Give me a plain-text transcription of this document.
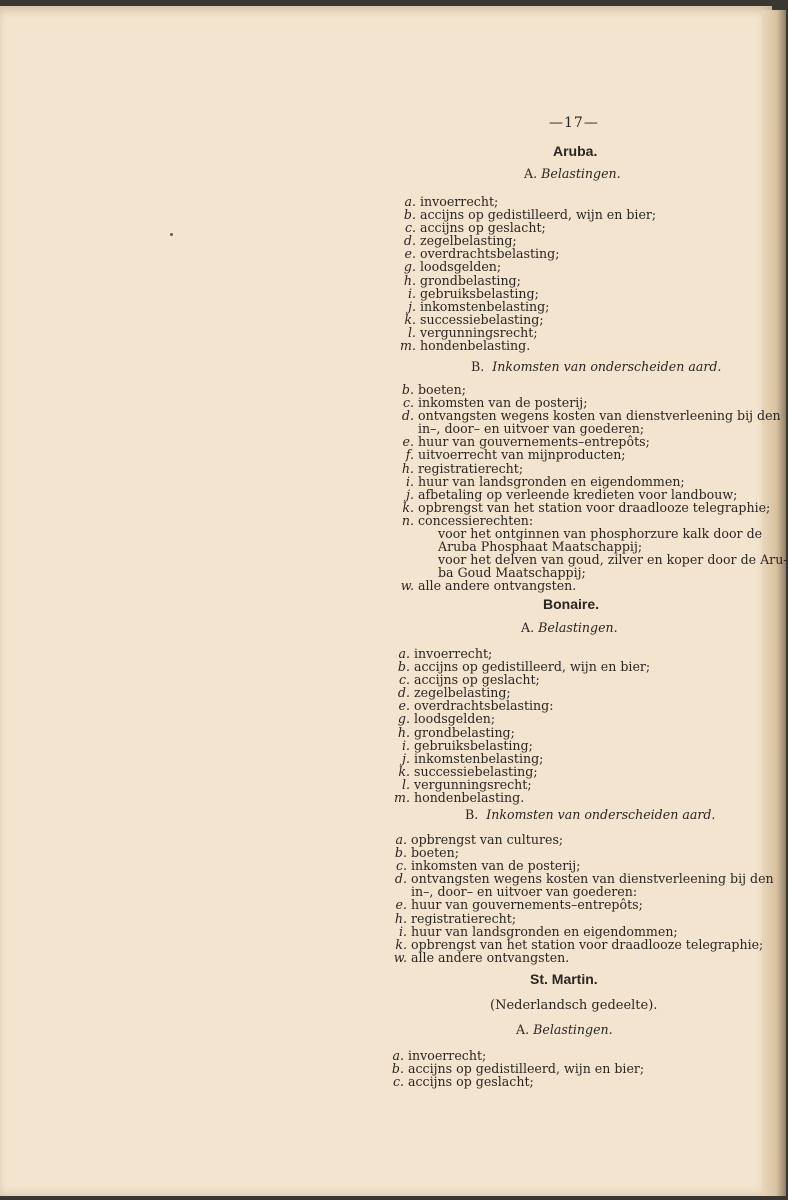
—17—
Aruba.
A. Belastingen.
a. invoerrecht;
b. accijns op gedistilleerd, wijn en bier;
c. accijns op geslacht;
d. zegelbelasting;
e. overdrachtsbelasting;
g. loodsgelden;
h. grondbelasting;
i. gebruiksbelasting;
j. inkomstenbelasting;
k. successiebelasting;
l. vergunningsrecht;
m. hondenbelasting.
B. Inkomsten van onderscheiden aard.
b. boeten;
c. inkomsten van de posterij;
d. ontvangsten wegens kosten van dienstverleening bij den
in–, door– en uitvoer van goederen;
e. huur van gouvernements–entrepôts;
f. uitvoerrecht van mijnproducten;
h. registratierecht;
i. huur van landsgronden en eigendommen;
j. afbetaling op verleende kredieten voor landbouw;
k. opbrengst van het station voor draadlooze telegraphie;
n. concessierechten:
voor het ontginnen van phosphorzure kalk door de
Aruba Phosphaat Maatschappij;
voor het delven van goud, zilver en koper door de Aru-
ba Goud Maatschappij;
w. alle andere ontvangsten.
Bonaire.
A. Belastingen.
a. invoerrecht;
b. accijns op gedistilleerd, wijn en bier;
c. accijns op geslacht;
d. zegelbelasting;
e. overdrachtsbelasting:
g. loodsgelden;
h. grondbelasting;
i. gebruiksbelasting;
j. inkomstenbelasting;
k. successiebelasting;
l. vergunningsrecht;
m. hondenbelasting.
B. Inkomsten van onderscheiden aard.
a. opbrengst van cultures;
b. boeten;
c. inkomsten van de posterij;
d. ontvangsten wegens kosten van dienstverleening bij den
in–, door– en uitvoer van goederen:
e. huur van gouvernements–entrepôts;
h. registratierecht;
i. huur van landsgronden en eigendommen;
k. opbrengst van het station voor draadlooze telegraphie;
w. alle andere ontvangsten.
St. Martin.
(Nederlandsch gedeelte).
A. Belastingen.
a. invoerrecht;
b. accijns op gedistilleerd, wijn en bier;
c. accijns op geslacht;
